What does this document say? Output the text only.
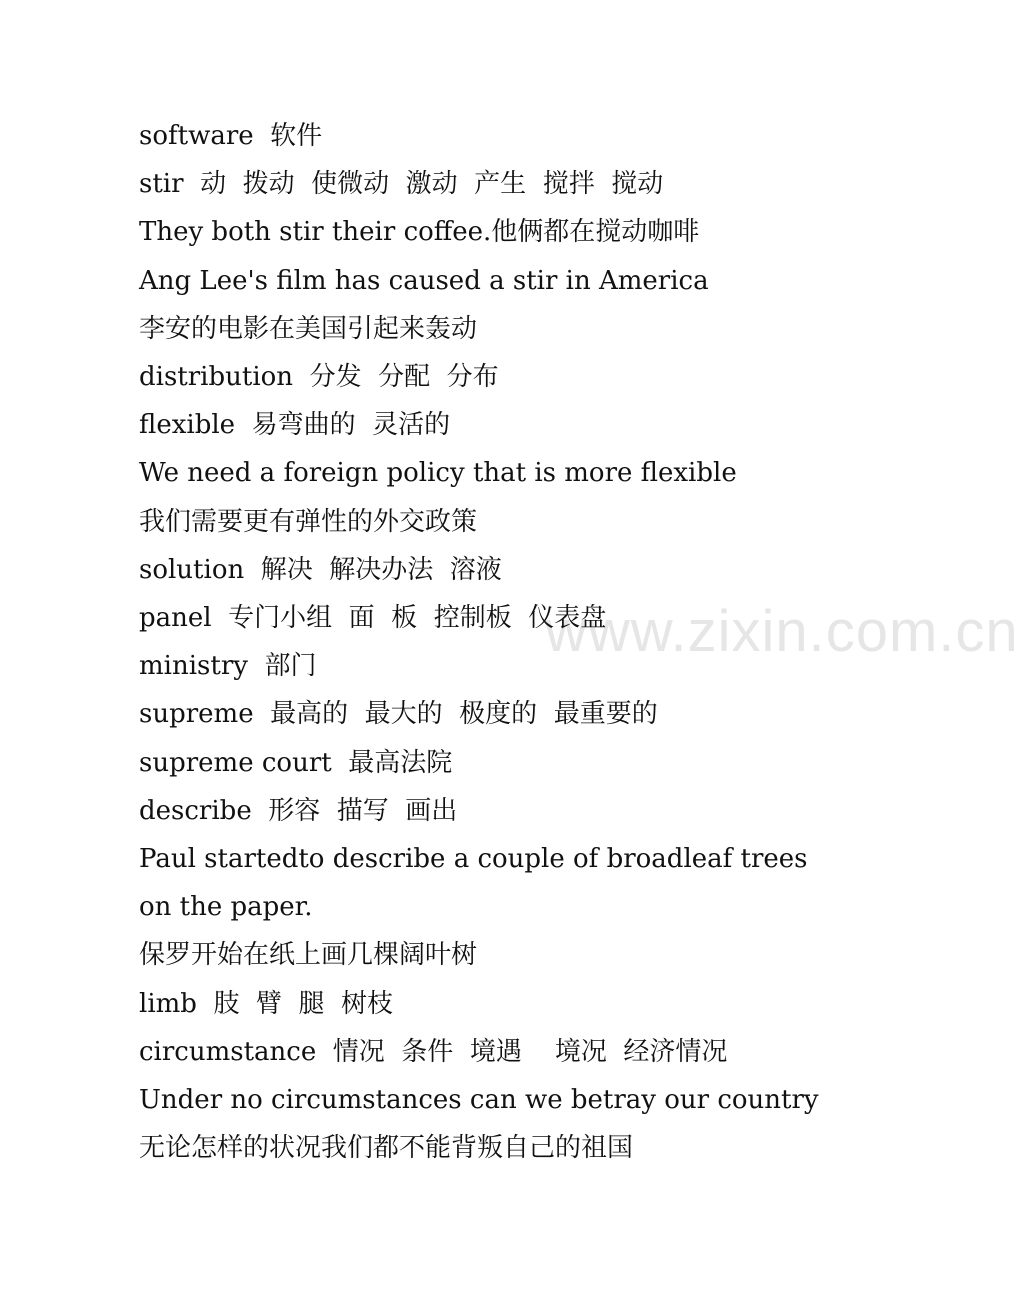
www.zixin.com.cn
software  软件
stir  动  拨动  使微动  激动  产生  搅拌  搅动
They both stir their coffee.他俩都在搅动咖啡
Ang Lee's film has caused a stir in America
李安的电影在美国引起来轰动
distribution  分发  分配  分布
flexible  易弯曲的  灵活的
We need a foreign policy that is more flexible
我们需要更有弹性的外交政策
solution  解决  解决办法  溶液
panel  专门小组  面  板  控制板  仪表盘
ministry  部门
supreme  最高的  最大的  极度的  最重要的
supreme court  最高法院
describe  形容  描写  画出
Paul startedto describe a couple of broadleaf trees on the paper.
保罗开始在纸上画几棵阔叶树
limb  肢  臂  腿  树枝
circumstance  情况  条件  境遇    境况  经济情况
Under no circumstances can we betray our country
无论怎样的状况我们都不能背叛自己的祖国
